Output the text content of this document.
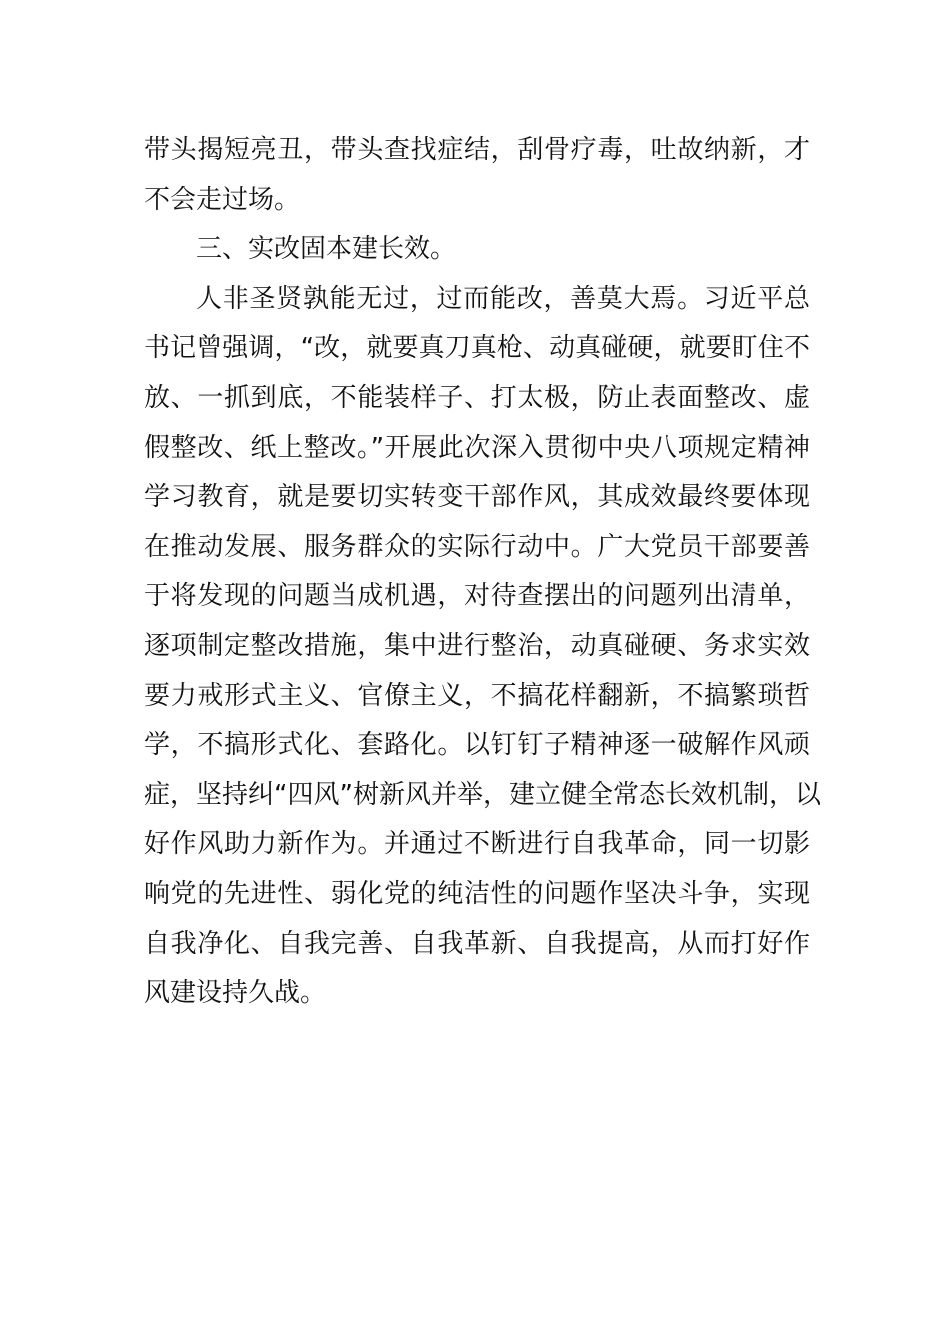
带头揭短亮丑，带头查找症结，刮骨疗毒，吐故纳新，才
不会走过场。
三、实改固本建长效。
人非圣贤孰能无过，过而能改，善莫大焉。习近平总
书记曾强调，“改，就要真刀真枪、动真碰硬，就要盯住不
放、一抓到底，不能装样子、打太极，防止表面整改、虚
假整改、纸上整改。”开展此次深入贯彻中央八项规定精神
学习教育，就是要切实转变干部作风，其成效最终要体现
在推动发展、服务群众的实际行动中。广大党员干部要善
于将发现的问题当成机遇，对待查摆出的问题列出清单，
逐项制定整改措施，集中进行整治，动真碰硬、务求实效
要力戒形式主义、官僚主义，不搞花样翻新，不搞繁琐哲
学，不搞形式化、套路化。以钉钉子精神逐一破解作风顽
症，坚持纠“四风”树新风并举，建立健全常态长效机制，以
好作风助力新作为。并通过不断进行自我革命，同一切影
响党的先进性、弱化党的纯洁性的问题作坚决斗争，实现
自我净化、自我完善、自我革新、自我提高，从而打好作
风建设持久战。
